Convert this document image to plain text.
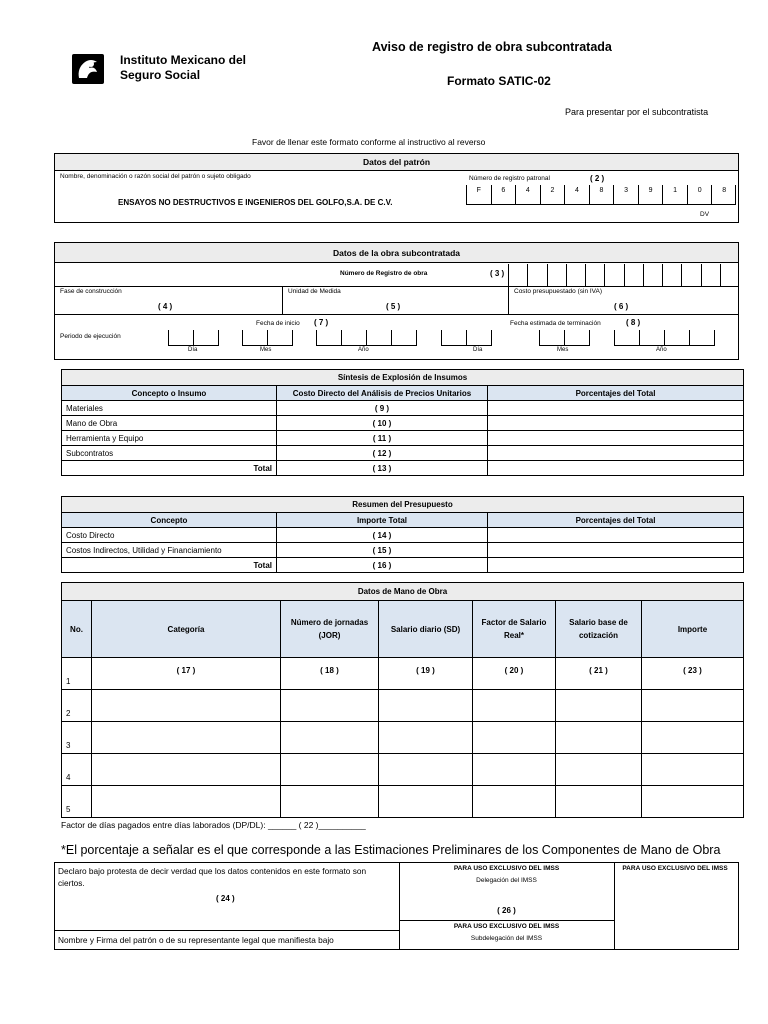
Instituto Mexicano del
Seguro Social
Aviso de registro de obra subcontratada
Formato SATIC-02
Para presentar por el subcontratista
Favor de llenar este formato conforme al instructivo al reverso
Datos del patrón
Nombre, denominación o razón social del patrón o sujeto obligado
ENSAYOS NO DESTRUCTIVOS E INGENIEROS DEL GOLFO,S.A. DE C.V.
Número de registro patronal	( 2 )
F	6	4	2	4	8	3	9	1	0	8
DV
Datos de la obra subcontratada
Número de Registro de obra	( 3 )
Fase de construcción
( 4 )
Unidad de Medida
( 5 )
Costo presupuestado (sin IVA)
( 6 )
Fecha de inicio ( 7 )	Fecha estimada de terminación	( 8 )
Periodo de ejecución
Día	Mes	Año	Día	Mes	Año
Síntesis de Explosión de Insumos		
Concepto o Insumo	Costo Directo del Análisis de Precios Unitarios	Porcentajes del Total
Materiales	( 9 )	
Mano de Obra	( 10 )	
Herramienta y Equipo	( 11 )	
Subcontratos	( 12 )	
Total	( 13 )	
Resumen del Presupuesto		
Concepto	Importe Total	Porcentajes del Total
Costo Directo	( 14 )	
Costos Indirectos, Utilidad y Financiamiento	( 15 )	
Total	( 16 )	
Datos de Mano de Obra						
No.	Categoría	Número de jornadas (JOR)	Salario diario (SD)	Factor de Salario Real*	Salario base de cotización	Importe
1	( 17 )	( 18 )	( 19 )	( 20 )	( 21 )	( 23 )
2						
3						
4						
5						
Factor de días pagados entre días laborados (DP/DL): ______ ( 22 )__________
*El porcentaje a señalar es el que corresponde a las Estimaciones Preliminares de los Componentes de Mano de Obra
Declaro bajo protesta de decir verdad que los datos contenidos en este formato son ciertos.
( 24 )
Nombre y Firma del patrón o de su representante legal que manifiesta bajo
PARA USO EXCLUSIVO DEL IMSS
Delegación del IMSS
( 26 )
PARA USO EXCLUSIVO DEL IMSS
Subdelegación del IMSS
PARA USO EXCLUSIVO DEL IMSS
